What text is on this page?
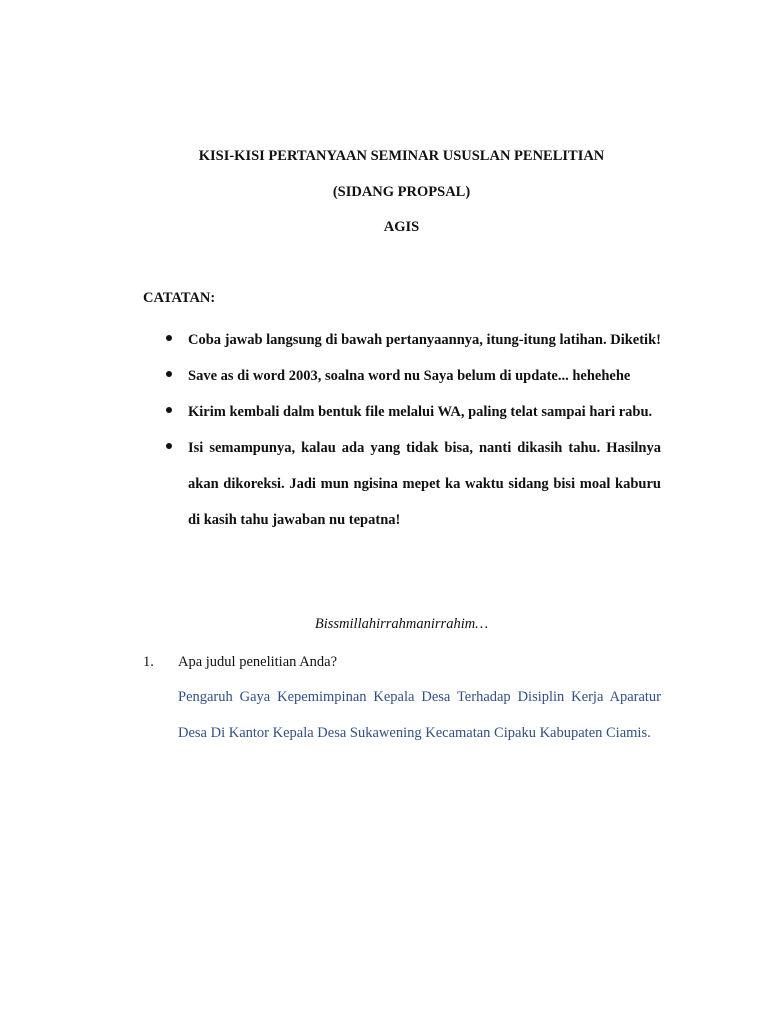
KISI-KISI PERTANYAAN SEMINAR USUSLAN PENELITIAN
(SIDANG PROPSAL)
AGIS
CATATAN:

Coba jawab langsung di bawah pertanyaannya, itung-itung latihan. Diketik!

Save as di word 2003, soalna word nu Saya belum di update... hehehehe

Kirim kembali dalm bentuk file melalui WA, paling telat sampai hari rabu.

Isi semampunya, kalau ada yang tidak bisa, nanti dikasih tahu. Hasilnya akan dikoreksi. Jadi mun ngisina mepet ka waktu sidang bisi moal kaburu di kasih tahu jawaban nu tepatna!

Bissmillahirrahmanirrahim…
1. Apa judul penelitian Anda?

Pengaruh Gaya Kepemimpinan Kepala Desa Terhadap Disiplin Kerja Aparatur Desa Di Kantor Kepala Desa Sukawening Kecamatan Cipaku Kabupaten Ciamis.
